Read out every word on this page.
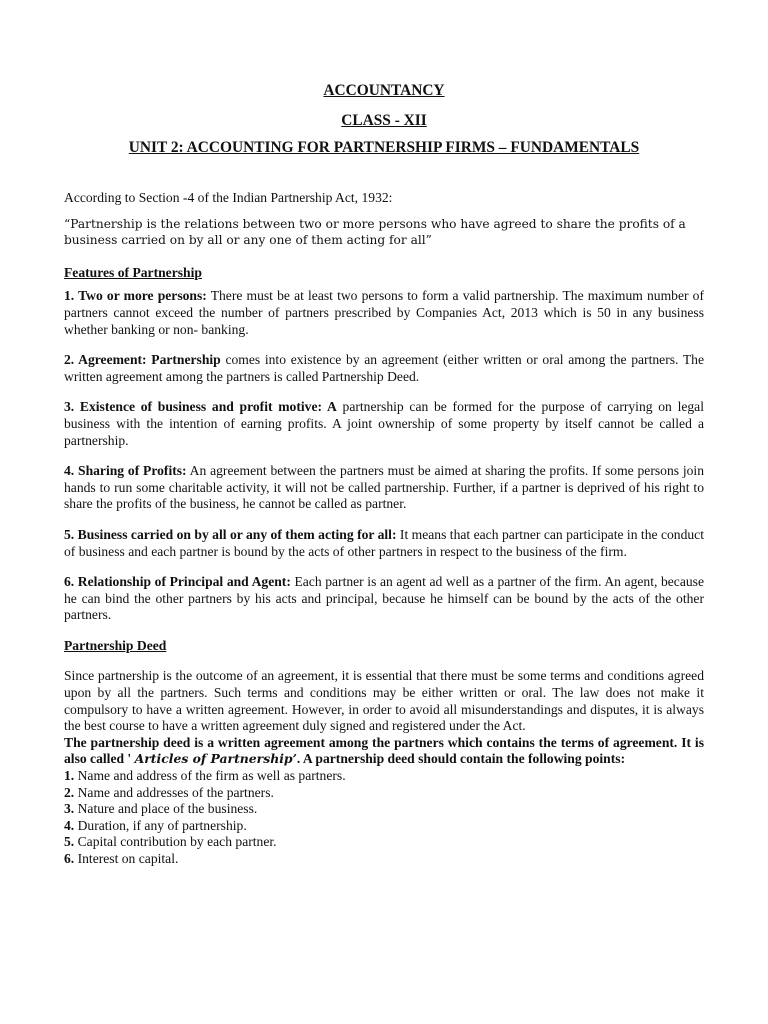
ACCOUNTANCY
CLASS - XII
UNIT 2: ACCOUNTING FOR PARTNERSHIP FIRMS – FUNDAMENTALS

According to Section -4 of the Indian Partnership Act, 1932:

“Partnership is the relations between two or more persons who have agreed to share the profits of a business carried on by all or any one of them acting for all”

Features of Partnership

1. Two or more persons: There must be at least two persons to form a valid partnership. The maximum number of partners cannot exceed the number of partners prescribed by Companies Act, 2013 which is 50 in any business whether banking or non- banking.

2. Agreement: Partnership comes into existence by an agreement (either written or oral among the partners. The written agreement among the partners is called Partnership Deed.

3. Existence of business and profit motive: A partnership can be formed for the purpose of carrying on legal business with the intention of earning profits. A joint ownership of some property by itself cannot be called a partnership.

4. Sharing of Profits: An agreement between the partners must be aimed at sharing the profits. If some persons join hands to run some charitable activity, it will not be called partnership. Further, if a partner is deprived of his right to share the profits of the business, he cannot be called as partner.

5. Business carried on by all or any of them acting for all: It means that each partner can participate in the conduct of business and each partner is bound by the acts of other partners in respect to the business of the firm.

6. Relationship of Principal and Agent: Each partner is an agent ad well as a partner of the firm. An agent, because he can bind the other partners by his acts and principal, because he himself can be bound by the acts of the other partners.

Partnership Deed

Since partnership is the outcome of an agreement, it is essential that there must be some terms and conditions agreed upon by all the partners. Such terms and conditions may be either written or oral. The law does not make it compulsory to have a written agreement. However, in order to avoid all misunderstandings and disputes, it is always the best course to have a written agreement duly signed and registered under the Act.

The partnership deed is a written agreement among the partners which contains the terms of agreement. It is also called ' Articles of Partnership’. A partnership deed should contain the following points:

1. Name and address of the firm as well as partners.
2. Name and addresses of the partners.
3. Nature and place of the business.
4. Duration, if any of partnership.
5. Capital contribution by each partner.
6. Interest on capital.
